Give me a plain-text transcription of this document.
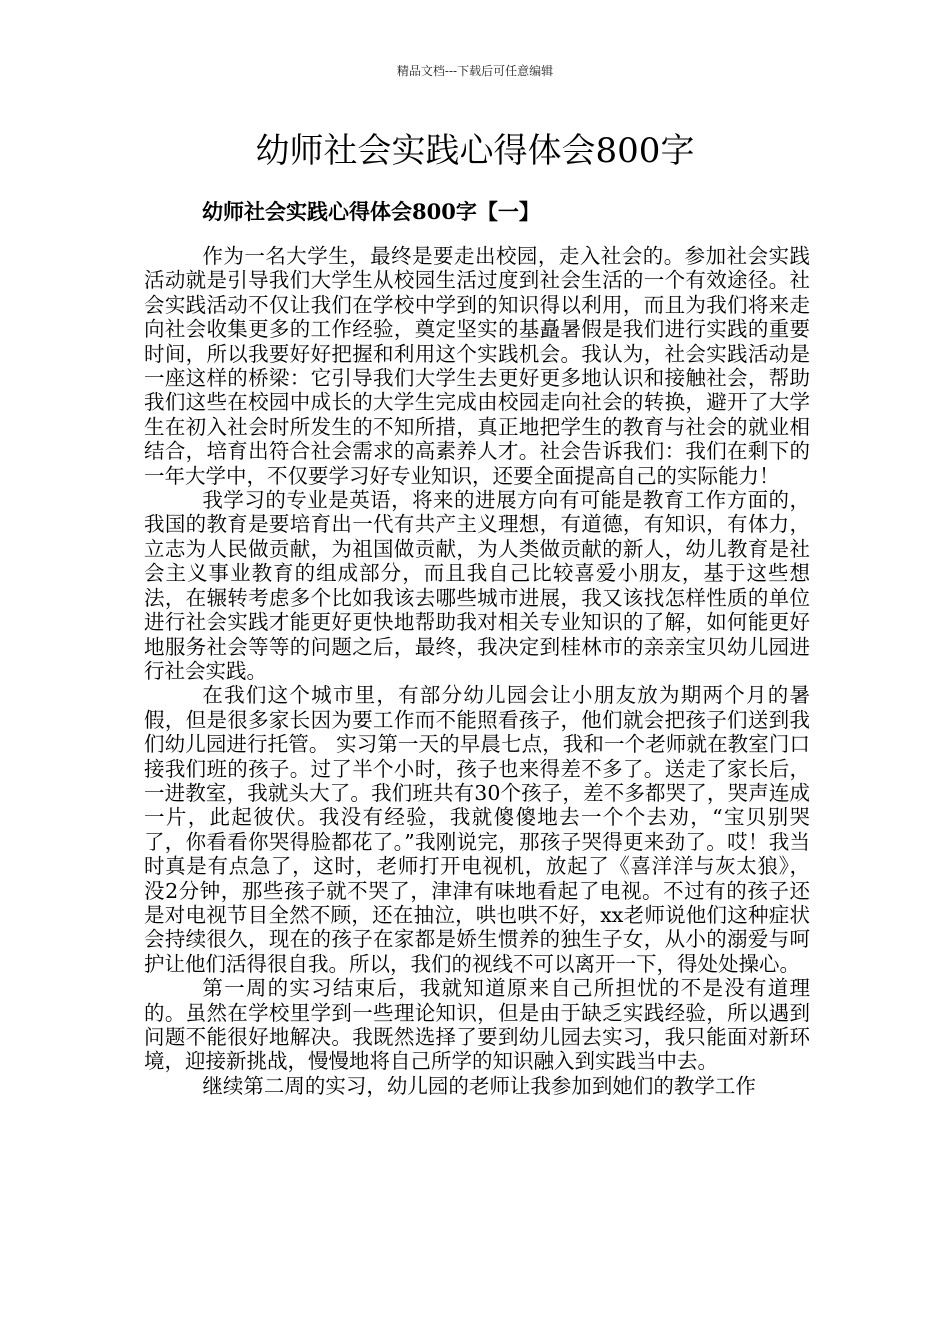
精品文档---下载后可任意编辑
幼师社会实践心得体会800字
幼师社会实践心得体会800字【一】

作为一名大学生，最终是要走出校园，走入社会的。参加社会实践活动就是引导我们大学生从校园生活过度到社会生活的一个有效途径。社会实践活动不仅让我们在学校中学到的知识得以利用，而且为我们将来走向社会收集更多的工作经验，奠定坚实的基矗暑假是我们进行实践的重要时间，所以我要好好把握和利用这个实践机会。我认为，社会实践活动是一座这样的桥梁：它引导我们大学生去更好更多地认识和接触社会，帮助我们这些在校园中成长的大学生完成由校园走向社会的转换，避开了大学生在初入社会时所发生的不知所措，真正地把学生的教育与社会的就业相结合，培育出符合社会需求的高素养人才。社会告诉我们：我们在剩下的一年大学中，不仅要学习好专业知识，还要全面提高自己的实际能力！

我学习的专业是英语，将来的进展方向有可能是教育工作方面的，我国的教育是要培育出一代有共产主义理想，有道德，有知识，有体力，立志为人民做贡献，为祖国做贡献，为人类做贡献的新人，幼儿教育是社会主义事业教育的组成部分，而且我自己比较喜爱小朋友，基于这些想法，在辗转考虑多个比如我该去哪些城市进展，我又该找怎样性质的单位进行社会实践才能更好更快地帮助我对相关专业知识的了解，如何能更好地服务社会等等的问题之后，最终，我决定到桂林市的亲亲宝贝幼儿园进行社会实践。

在我们这个城市里，有部分幼儿园会让小朋友放为期两个月的暑假，但是很多家长因为要工作而不能照看孩子，他们就会把孩子们送到我们幼儿园进行托管。 实习第一天的早晨七点，我和一个老师就在教室门口接我们班的孩子。过了半个小时，孩子也来得差不多了。送走了家长后，一进教室，我就头大了。我们班共有30个孩子，差不多都哭了，哭声连成一片，此起彼伏。我没有经验，我就傻傻地去一个个去劝，“宝贝别哭了，你看看你哭得脸都花了。”我刚说完，那孩子哭得更来劲了。哎！我当时真是有点急了，这时，老师打开电视机，放起了《喜洋洋与灰太狼》，没2分钟，那些孩子就不哭了，津津有味地看起了电视。不过有的孩子还是对电视节目全然不顾，还在抽泣，哄也哄不好，xx老师说他们这种症状会持续很久，现在的孩子在家都是娇生惯养的独生子女，从小的溺爱与呵护让他们活得很自我。所以，我们的视线不可以离开一下，得处处操心。

第一周的实习结束后，我就知道原来自己所担忧的不是没有道理的。虽然在学校里学到一些理论知识，但是由于缺乏实践经验，所以遇到问题不能很好地解决。我既然选择了要到幼儿园去实习，我只能面对新环境，迎接新挑战，慢慢地将自己所学的知识融入到实践当中去。

继续第二周的实习，幼儿园的老师让我参加到她们的教学工作
